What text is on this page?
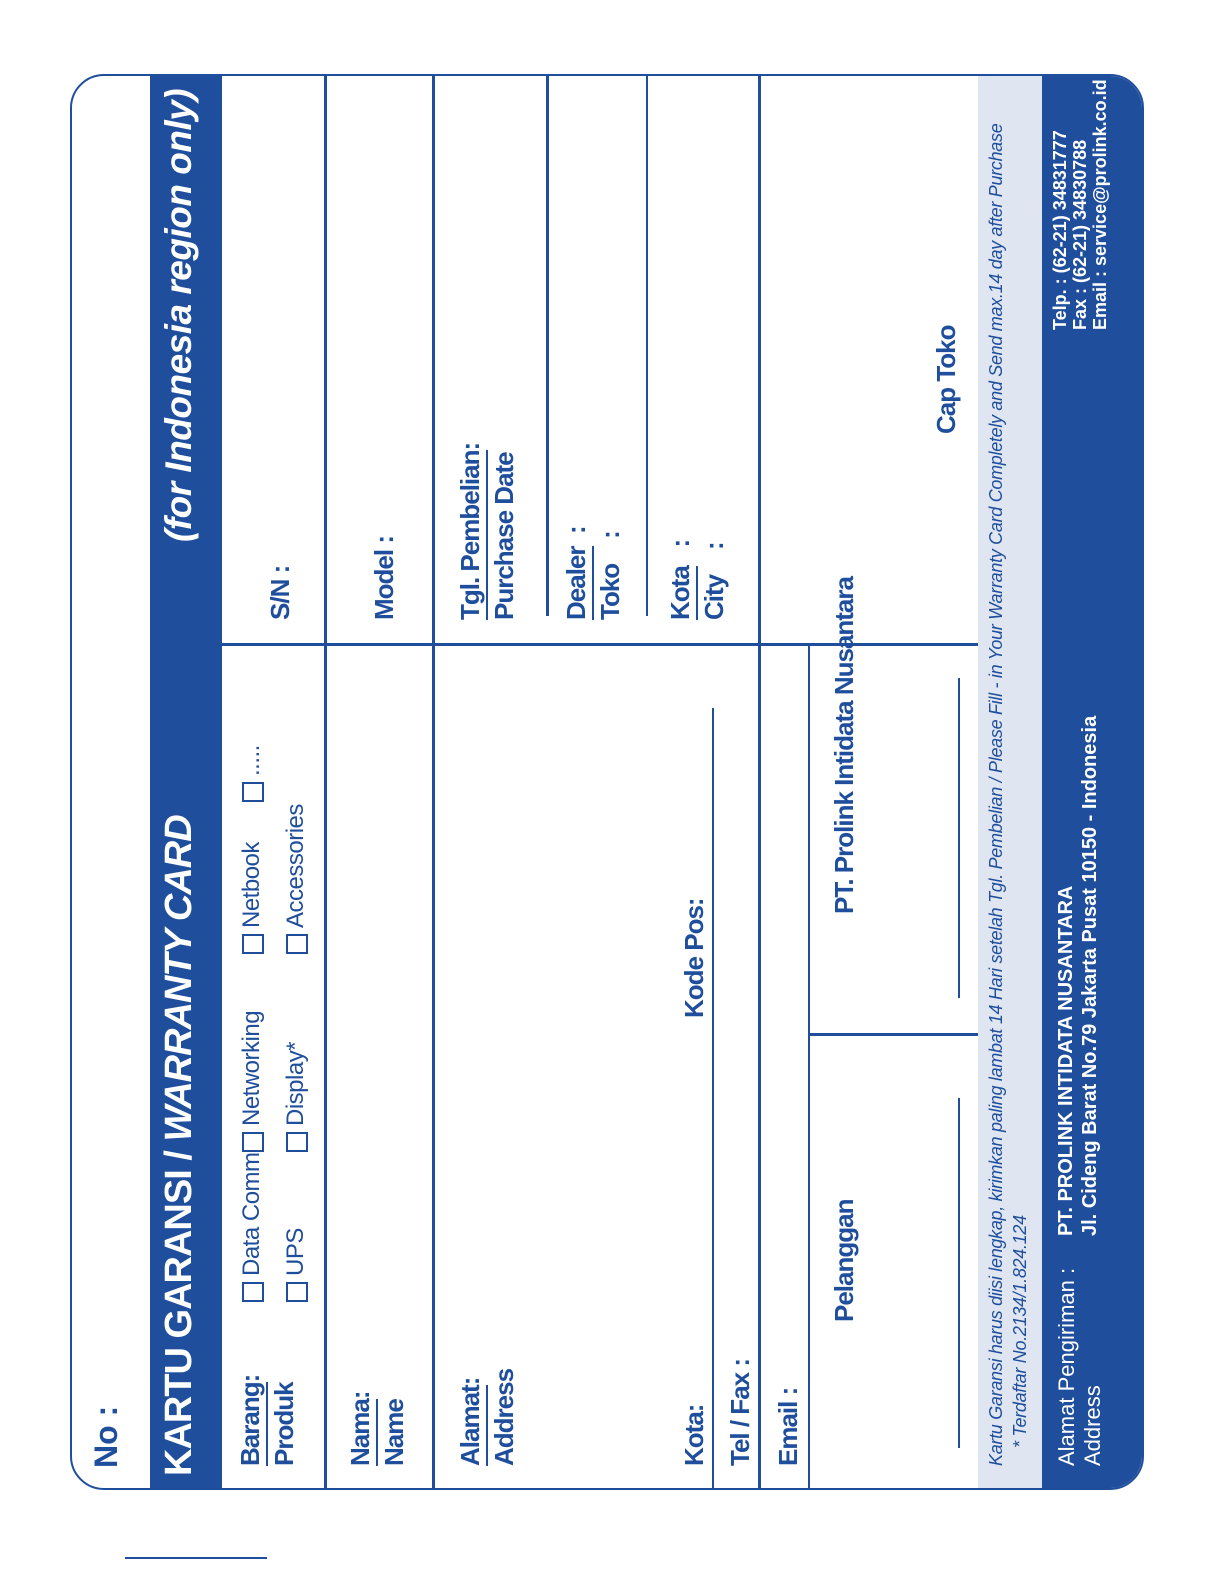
No : KARTU GARANSI / WARRANTY CARD
(for Indonesia region only)
Barang:
Produk
Data Comm
Networking
Netbook
.....
UPS
Display*
Accessories
S/N :
Nama:
Name
Model :
Alamat: Address
Tgl. Pembelian:
Purchase Date Dealer  :
Toko    :
Kota:
Kode Pos:
Kota   :
City    :
Tel / Fax : Email :
Pelanggan
PT. Prolink Intidata Nusantara
Cap Toko Kartu Garansi harus diisi lengkap, kirimkan paling lambat 14 Hari setelah Tgl. Pembelian / Please Fill - in Your Warranty Card Completely and Send max.14 day after Purchase * Terdaftar No.2134/1.824.124 Alamat Pengiriman :
Address
PT. PROLINK INTIDATA NUSANTARA Jl. Cideng Barat No.79 Jakarta Pusat 10150 - Indonesia
Telp. : (62-21) 34831777 Fax : (62-21) 34830788 Email : service@prolink.co.id
